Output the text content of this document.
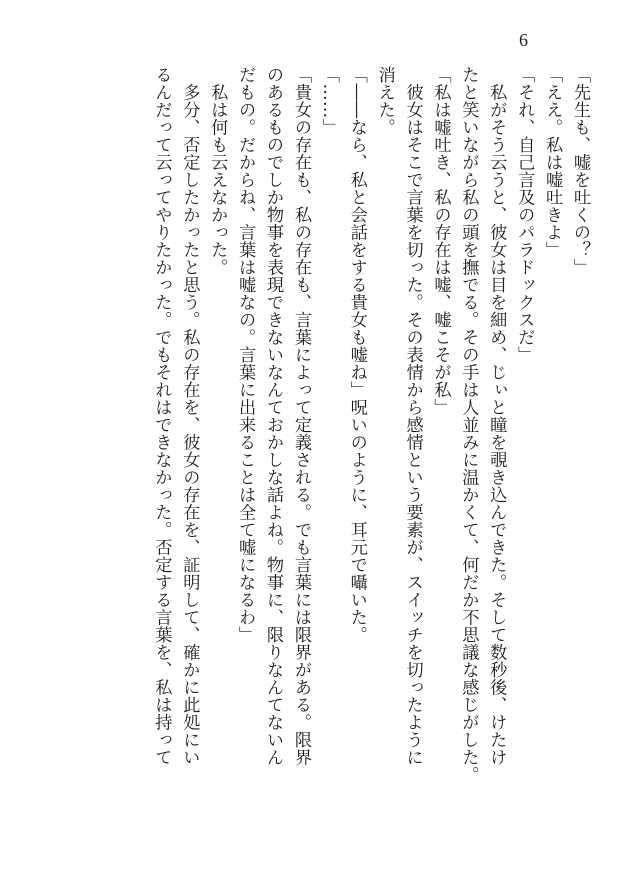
6
「先生も、嘘を吐くの？」
「ええ。私は嘘吐きよ」
「それ、自己言及のパラドックスだ」
　私がそう云うと、彼女は目を細め、じぃと瞳を覗き込んできた。そして数秒後、けたけ
たと笑いながら私の頭を撫でる。その手は人並みに温かくて、何だか不思議な感じがした。
「私は嘘吐き、私の存在は嘘、嘘こそが私」
　彼女はそこで言葉を切った。その表情から感情という要素が、スイッチを切ったように
消えた。
「――なら、私と会話をする貴女も嘘ね」呪いのように、耳元で囁いた。
「……」
「貴女の存在も、私の存在も、言葉によって定義される。でも言葉には限界がある。限界
のあるものでしか物事を表現できないなんておかしな話よね。物事に、限りなんてないん
だもの。だからね、言葉は嘘なの。言葉に出来ることは全て嘘になるわ」
　私は何も云えなかった。
　多分、否定したかったと思う。私の存在を、彼女の存在を、証明して、確かに此処にい
るんだって云ってやりたかった。でもそれはできなかった。否定する言葉を、私は持って
